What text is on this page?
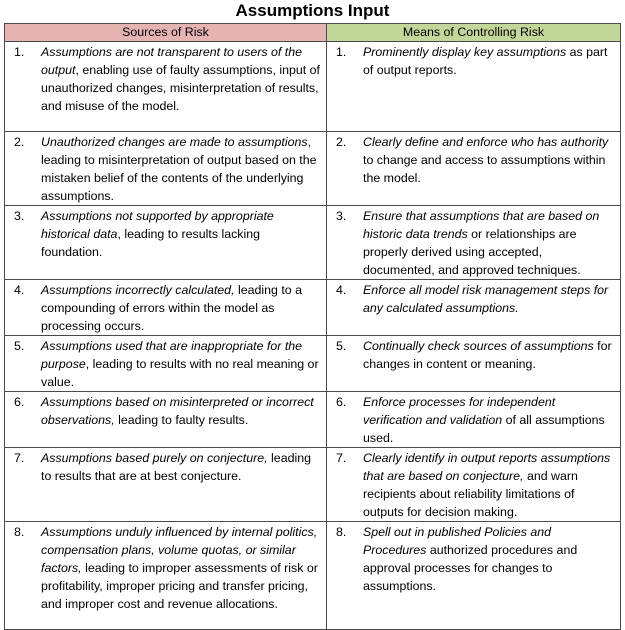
Assumptions Input
Sources of Risk	Means of Controlling Risk

1. Assumptions are not transparent to users of the output, enabling use of faulty assumptions, input of unauthorized changes, misinterpretation of results, and misuse of the model.	1. Prominently display key assumptions as part of output reports.

2. Unauthorized changes are made to assumptions, leading to misinterpretation of output based on the mistaken belief of the contents of the underlying assumptions.	2. Clearly define and enforce who has authority to change and access to assumptions within the model.

3. Assumptions not supported by appropriate historical data, leading to results lacking foundation.	3. Ensure that assumptions that are based on historic data trends or relationships are properly derived using accepted, documented, and approved techniques.

4. Assumptions incorrectly calculated, leading to a compounding of errors within the model as processing occurs.	4. Enforce all model risk management steps for any calculated assumptions.

5. Assumptions used that are inappropriate for the purpose, leading to results with no real meaning or value.	5. Continually check sources of assumptions for changes in content or meaning.

6. Assumptions based on misinterpreted or incorrect observations, leading to faulty results.	6. Enforce processes for independent verification and validation of all assumptions used.

7. Assumptions based purely on conjecture, leading to results that are at best conjecture.	7. Clearly identify in output reports assumptions that are based on conjecture, and warn recipients about reliability limitations of outputs for decision making.

8. Assumptions unduly influenced by internal politics, compensation plans, volume quotas, or similar factors, leading to improper assessments of risk or profitability, improper pricing and transfer pricing, and improper cost and revenue allocations.	8. Spell out in published Policies and Procedures authorized procedures and approval processes for changes to assumptions.
